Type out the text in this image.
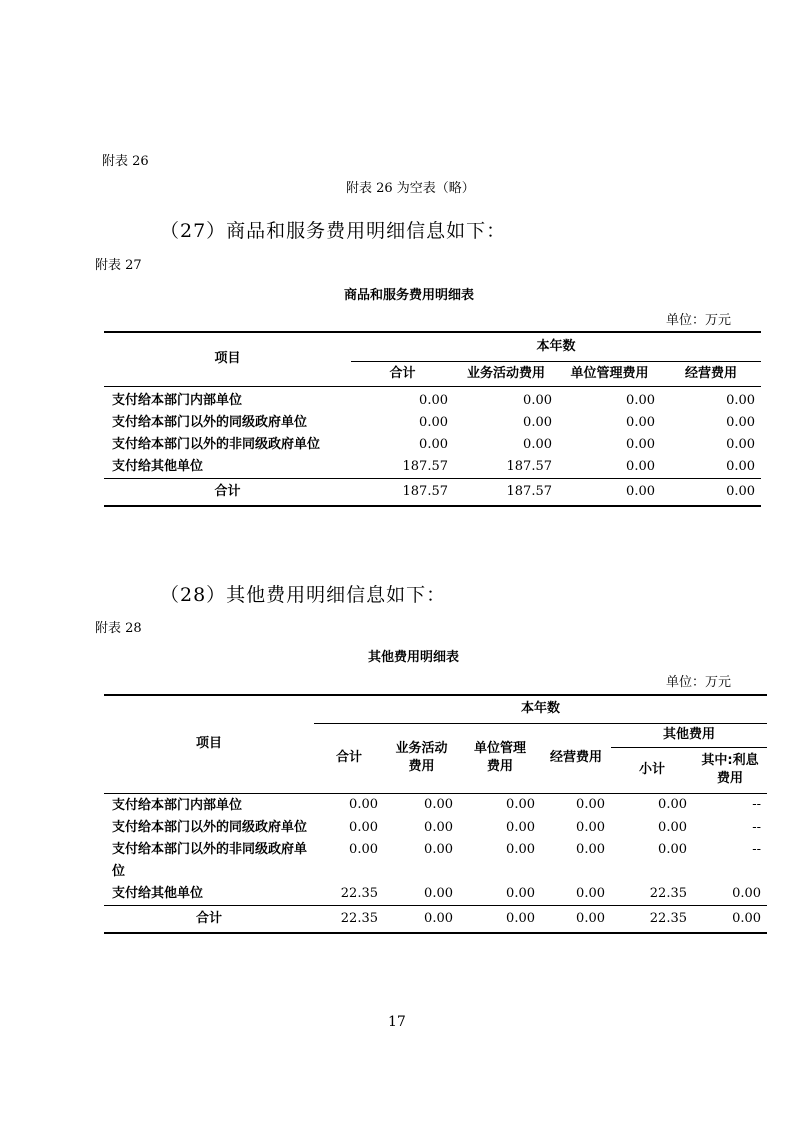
附表 26
附表 26 为空表（略）
（27）商品和服务费用明细信息如下：
附表 27
商品和服务费用明细表
单位：万元
项目	本年数			
	合计	业务活动费用	单位管理费用	经营费用
支付给本部门内部单位	0.00	0.00	0.00	0.00
支付给本部门以外的同级政府单位	0.00	0.00	0.00	0.00
支付给本部门以外的非同级政府单位	0.00	0.00	0.00	0.00
支付给其他单位	187.57	187.57	0.00	0.00
合计	187.57	187.57	0.00	0.00
（28）其他费用明细信息如下：
附表 28
其他费用明细表
单位：万元
项目	本年数					
	合计	业务活动费用	单位管理费用	经营费用	其他费用	
					小计	其中:利息费用
支付给本部门内部单位	0.00	0.00	0.00	0.00	0.00	--
支付给本部门以外的同级政府单位	0.00	0.00	0.00	0.00	0.00	--
支付给本部门以外的非同级政府单位	0.00	0.00	0.00	0.00	0.00	--
支付给其他单位	22.35	0.00	0.00	0.00	22.35	0.00
合计	22.35	0.00	0.00	0.00	22.35	0.00
17
